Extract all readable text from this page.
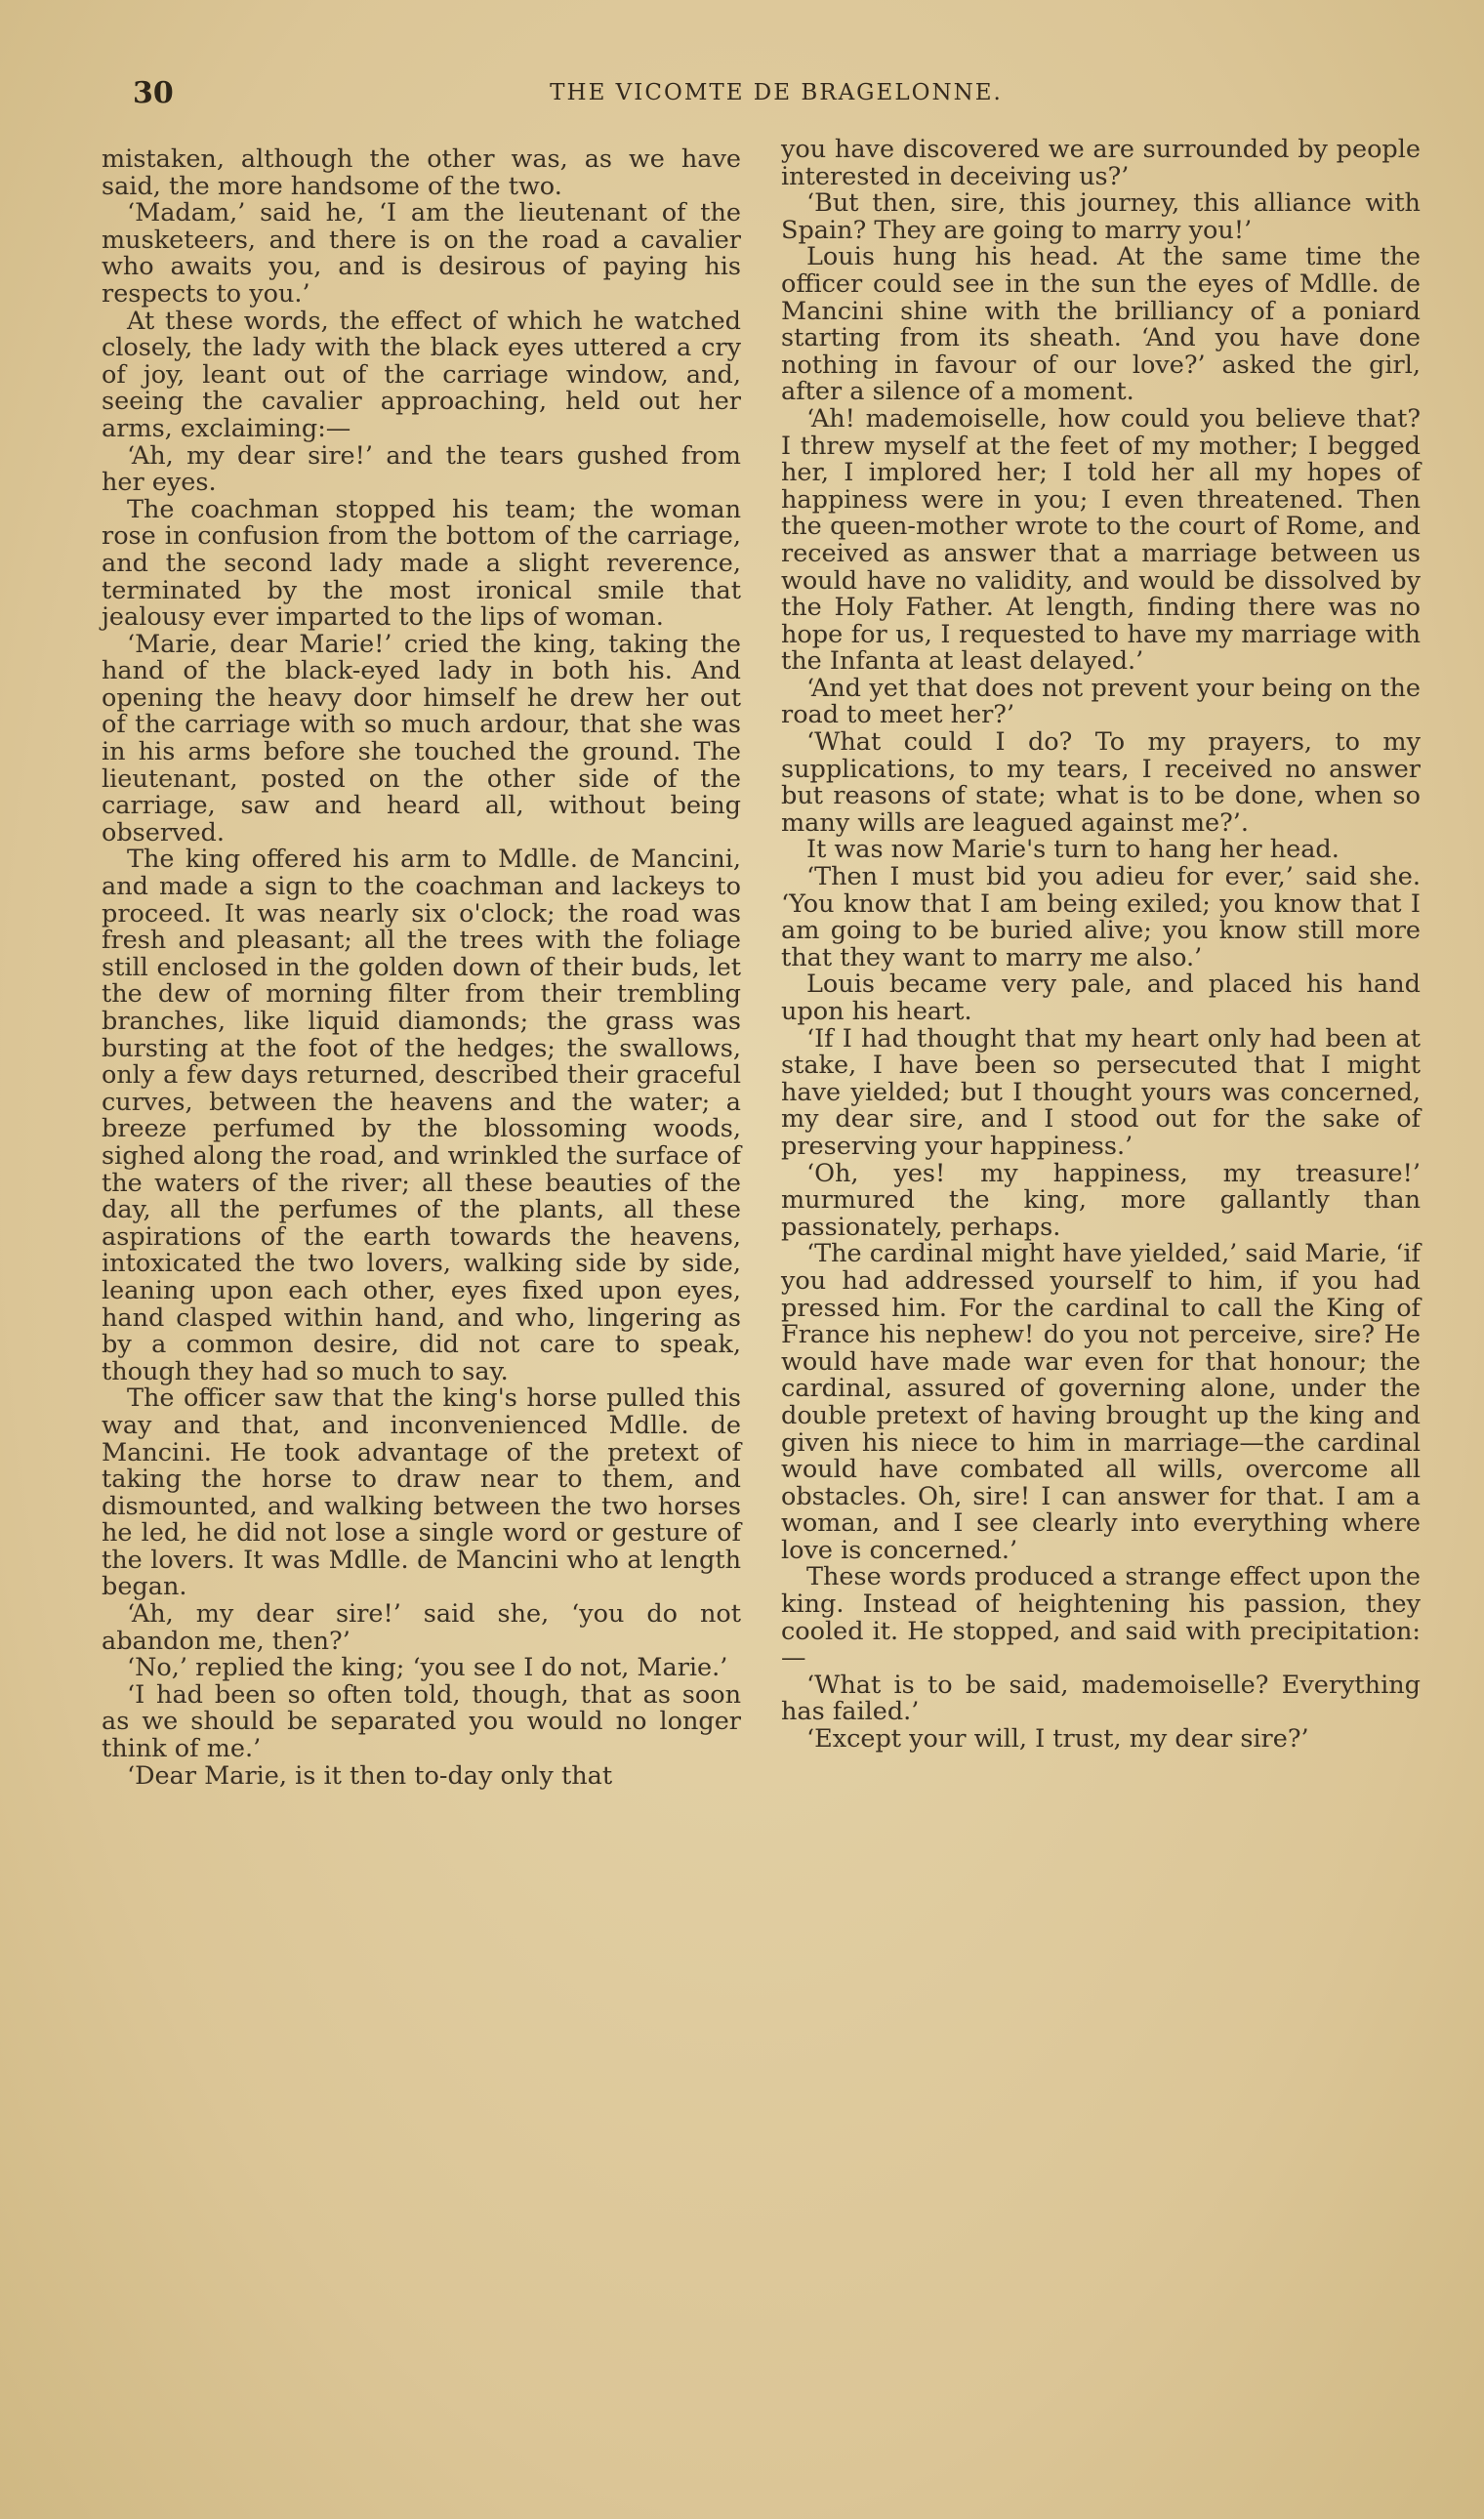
30	THE VICOMTE DE BRAGELONNE.

mistaken, although the other was, as we have said, the more handsome of the two.

‘Madam,’ said he, ‘I am the lieutenant of the musketeers, and there is on the road a cavalier who awaits you, and is desirous of paying his respects to you.’

At these words, the effect of which he watched closely, the lady with the black eyes uttered a cry of joy, leant out of the carriage window, and, seeing the cavalier approaching, held out her arms, exclaiming:—

‘Ah, my dear sire!’ and the tears gushed from her eyes.

The coachman stopped his team; the woman rose in confusion from the bottom of the carriage, and the second lady made a slight reverence, terminated by the most ironical smile that jealousy ever imparted to the lips of woman.

‘Marie, dear Marie!’ cried the king, taking the hand of the black-eyed lady in both his. And opening the heavy door himself he drew her out of the carriage with so much ardour, that she was in his arms before she touched the ground. The lieutenant, posted on the other side of the carriage, saw and heard all, without being observed.

The king offered his arm to Mdlle. de Mancini, and made a sign to the coachman and lackeys to proceed. It was nearly six o'clock; the road was fresh and pleasant; all the trees with the foliage still enclosed in the golden down of their buds, let the dew of morning filter from their trembling branches, like liquid diamonds; the grass was bursting at the foot of the hedges; the swallows, only a few days returned, described their graceful curves, between the heavens and the water; a breeze perfumed by the blossoming woods, sighed along the road, and wrinkled the surface of the waters of the river; all these beauties of the day, all the perfumes of the plants, all these aspirations of the earth towards the heavens, intoxicated the two lovers, walking side by side, leaning upon each other, eyes fixed upon eyes, hand clasped within hand, and who, lingering as by a common desire, did not care to speak, though they had so much to say.

The officer saw that the king's horse pulled this way and that, and inconvenienced Mdlle. de Mancini. He took advantage of the pretext of taking the horse to draw near to them, and dismounted, and walking between the two horses he led, he did not lose a single word or gesture of the lovers. It was Mdlle. de Mancini who at length began.

‘Ah, my dear sire!’ said she, ‘you do not abandon me, then?’

‘No,’ replied the king; ‘you see I do not, Marie.’

‘I had been so often told, though, that as soon as we should be separated you would no longer think of me.’

‘Dear Marie, is it then to-day only that

you have discovered we are surrounded by people interested in deceiving us?’

‘But then, sire, this journey, this alliance with Spain? They are going to marry you!’

Louis hung his head. At the same time the officer could see in the sun the eyes of Mdlle. de Mancini shine with the brilliancy of a poniard starting from its sheath. ‘And you have done nothing in favour of our love?’ asked the girl, after a silence of a moment.

‘Ah! mademoiselle, how could you believe that? I threw myself at the feet of my mother; I begged her, I implored her; I told her all my hopes of happiness were in you; I even threatened. Then the queen-mother wrote to the court of Rome, and received as answer that a marriage between us would have no validity, and would be dissolved by the Holy Father. At length, finding there was no hope for us, I requested to have my marriage with the Infanta at least delayed.’

‘And yet that does not prevent your being on the road to meet her?’

‘What could I do? To my prayers, to my supplications, to my tears, I received no answer but reasons of state; what is to be done, when so many wills are leagued against me?’.

It was now Marie's turn to hang her head.

‘Then I must bid you adieu for ever,’ said she. ‘You know that I am being exiled; you know that I am going to be buried alive; you know still more that they want to marry me also.’

Louis became very pale, and placed his hand upon his heart.

‘If I had thought that my heart only had been at stake, I have been so persecuted that I might have yielded; but I thought yours was concerned, my dear sire, and I stood out for the sake of preserving your happiness.’

‘Oh, yes! my happiness, my treasure!’ murmured the king, more gallantly than passionately, perhaps.

‘The cardinal might have yielded,’ said Marie, ‘if you had addressed yourself to him, if you had pressed him. For the cardinal to call the King of France his nephew! do you not perceive, sire? He would have made war even for that honour; the cardinal, assured of governing alone, under the double pretext of having brought up the king and given his niece to him in marriage—the cardinal would have combated all wills, overcome all obstacles. Oh, sire! I can answer for that. I am a woman, and I see clearly into everything where love is concerned.’

These words produced a strange effect upon the king. Instead of heightening his passion, they cooled it. He stopped, and said with precipitation:—

‘What is to be said, mademoiselle? Everything has failed.’

‘Except your will, I trust, my dear sire?’
